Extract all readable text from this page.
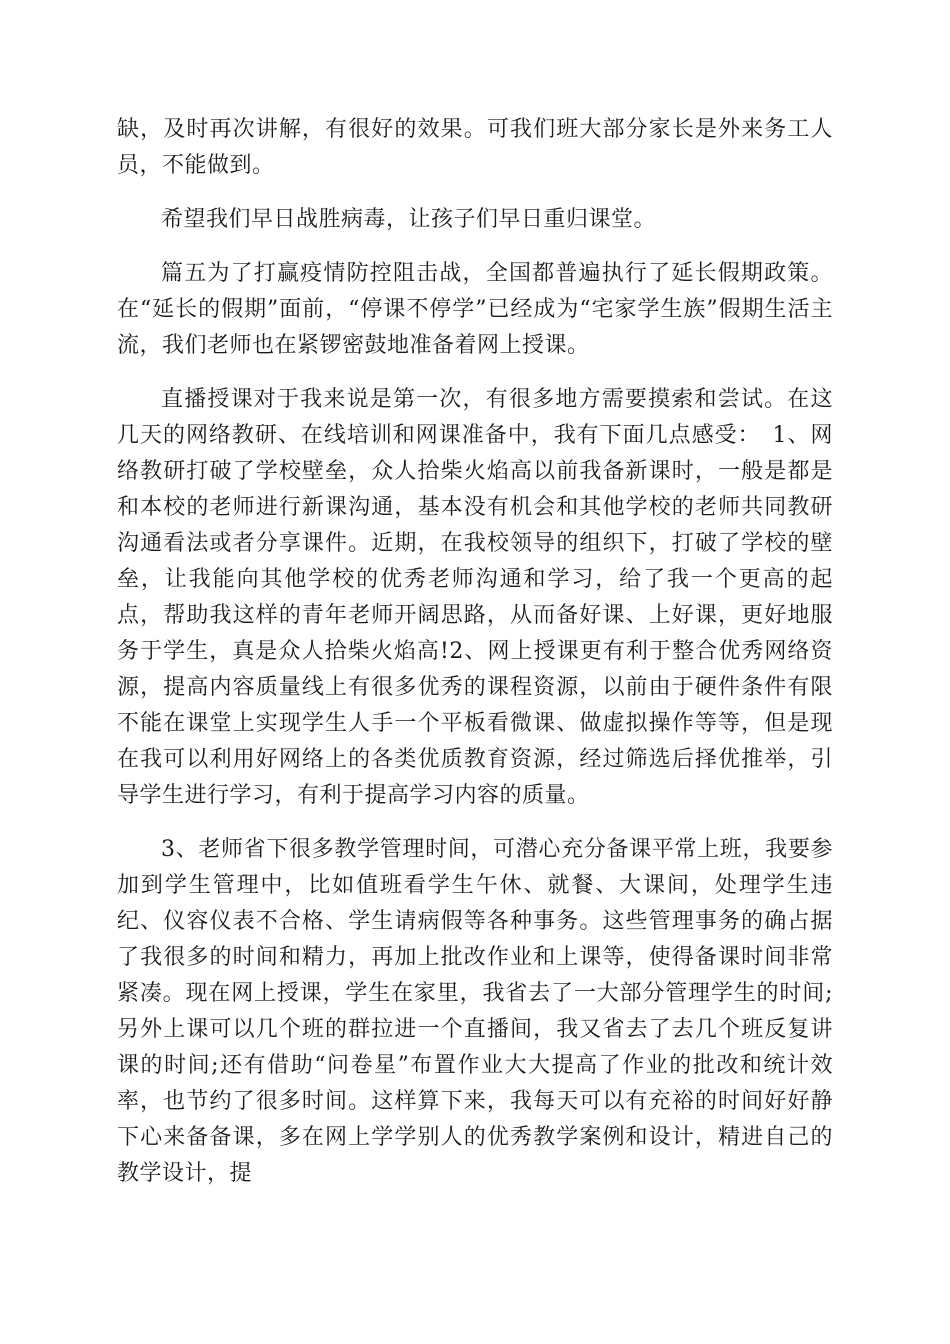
缺，及时再次讲解，有很好的效果。可我们班大部分家长是外来务工人员，不能做到。

希望我们早日战胜病毒，让孩子们早日重归课堂。

篇五为了打赢疫情防控阻击战，全国都普遍执行了延长假期政策。在“延长的假期”面前，“停课不停学”已经成为“宅家学生族”假期生活主流，我们老师也在紧锣密鼓地准备着网上授课。

直播授课对于我来说是第一次，有很多地方需要摸索和尝试。在这几天的网络教研、在线培训和网课准备中，我有下面几点感受：　1、网络教研打破了学校壁垒，众人拾柴火焰高以前我备新课时，一般是都是和本校的老师进行新课沟通，基本没有机会和其他学校的老师共同教研沟通看法或者分享课件。近期，在我校领导的组织下，打破了学校的壁垒，让我能向其他学校的优秀老师沟通和学习，给了我一个更高的起点，帮助我这样的青年老师开阔思路，从而备好课、上好课，更好地服务于学生，真是众人拾柴火焰高!2、网上授课更有利于整合优秀网络资源，提高内容质量线上有很多优秀的课程资源，以前由于硬件条件有限不能在课堂上实现学生人手一个平板看微课、做虚拟操作等等，但是现在我可以利用好网络上的各类优质教育资源，经过筛选后择优推举，引导学生进行学习，有利于提高学习内容的质量。

3、老师省下很多教学管理时间，可潜心充分备课平常上班，我要参加到学生管理中，比如值班看学生午休、就餐、大课间，处理学生违纪、仪容仪表不合格、学生请病假等各种事务。这些管理事务的确占据了我很多的时间和精力，再加上批改作业和上课等，使得备课时间非常紧凑。现在网上授课，学生在家里，我省去了一大部分管理学生的时间;另外上课可以几个班的群拉进一个直播间，我又省去了去几个班反复讲课的时间;还有借助“问卷星”布置作业大大提高了作业的批改和统计效率，也节约了很多时间。这样算下来，我每天可以有充裕的时间好好静下心来备备课，多在网上学学别人的优秀教学案例和设计，精进自己的教学设计，提
